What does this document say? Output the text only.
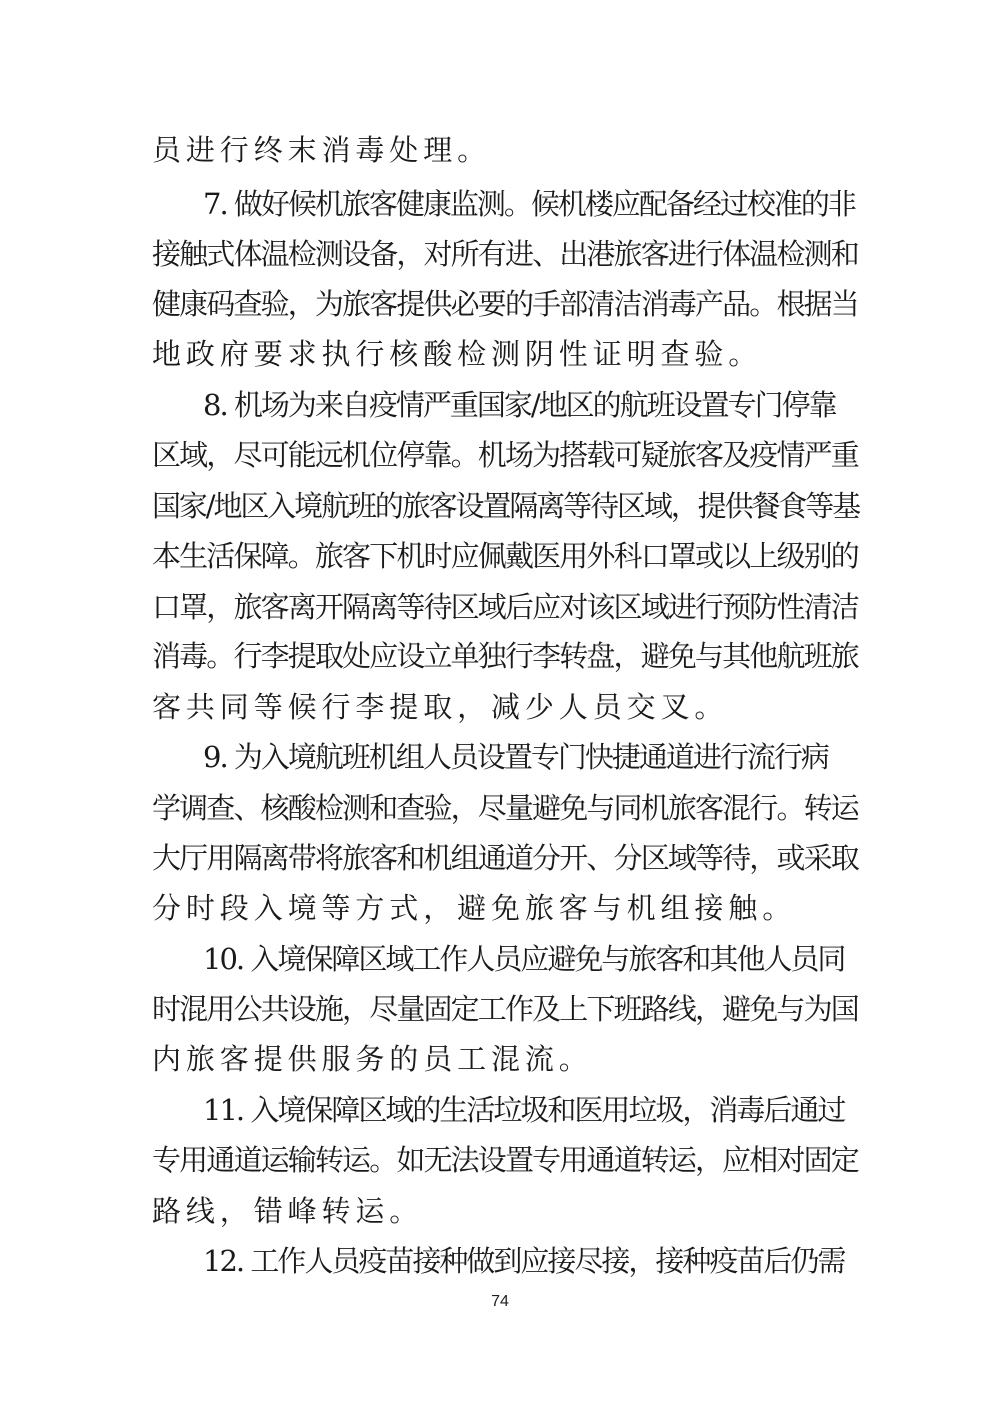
员进行终末消毒处理。
7. 做好候机旅客健康监测。候机楼应配备经过校准的非
接触式体温检测设备，对所有进、出港旅客进行体温检测和
健康码查验，为旅客提供必要的手部清洁消毒产品。根据当
地政府要求执行核酸检测阴性证明查验。
8. 机场为来自疫情严重国家/地区的航班设置专门停靠
区域，尽可能远机位停靠。机场为搭载可疑旅客及疫情严重
国家/地区入境航班的旅客设置隔离等待区域，提供餐食等基
本生活保障。旅客下机时应佩戴医用外科口罩或以上级别的
口罩，旅客离开隔离等待区域后应对该区域进行预防性清洁
消毒。行李提取处应设立单独行李转盘，避免与其他航班旅
客共同等候行李提取，减少人员交叉。
9. 为入境航班机组人员设置专门快捷通道进行流行病
学调查、核酸检测和查验，尽量避免与同机旅客混行。转运
大厅用隔离带将旅客和机组通道分开、分区域等待，或采取
分时段入境等方式，避免旅客与机组接触。
10. 入境保障区域工作人员应避免与旅客和其他人员同
时混用公共设施，尽量固定工作及上下班路线，避免与为国
内旅客提供服务的员工混流。
11. 入境保障区域的生活垃圾和医用垃圾，消毒后通过
专用通道运输转运。如无法设置专用通道转运，应相对固定
路线，错峰转运。
12. 工作人员疫苗接种做到应接尽接，接种疫苗后仍需
74
